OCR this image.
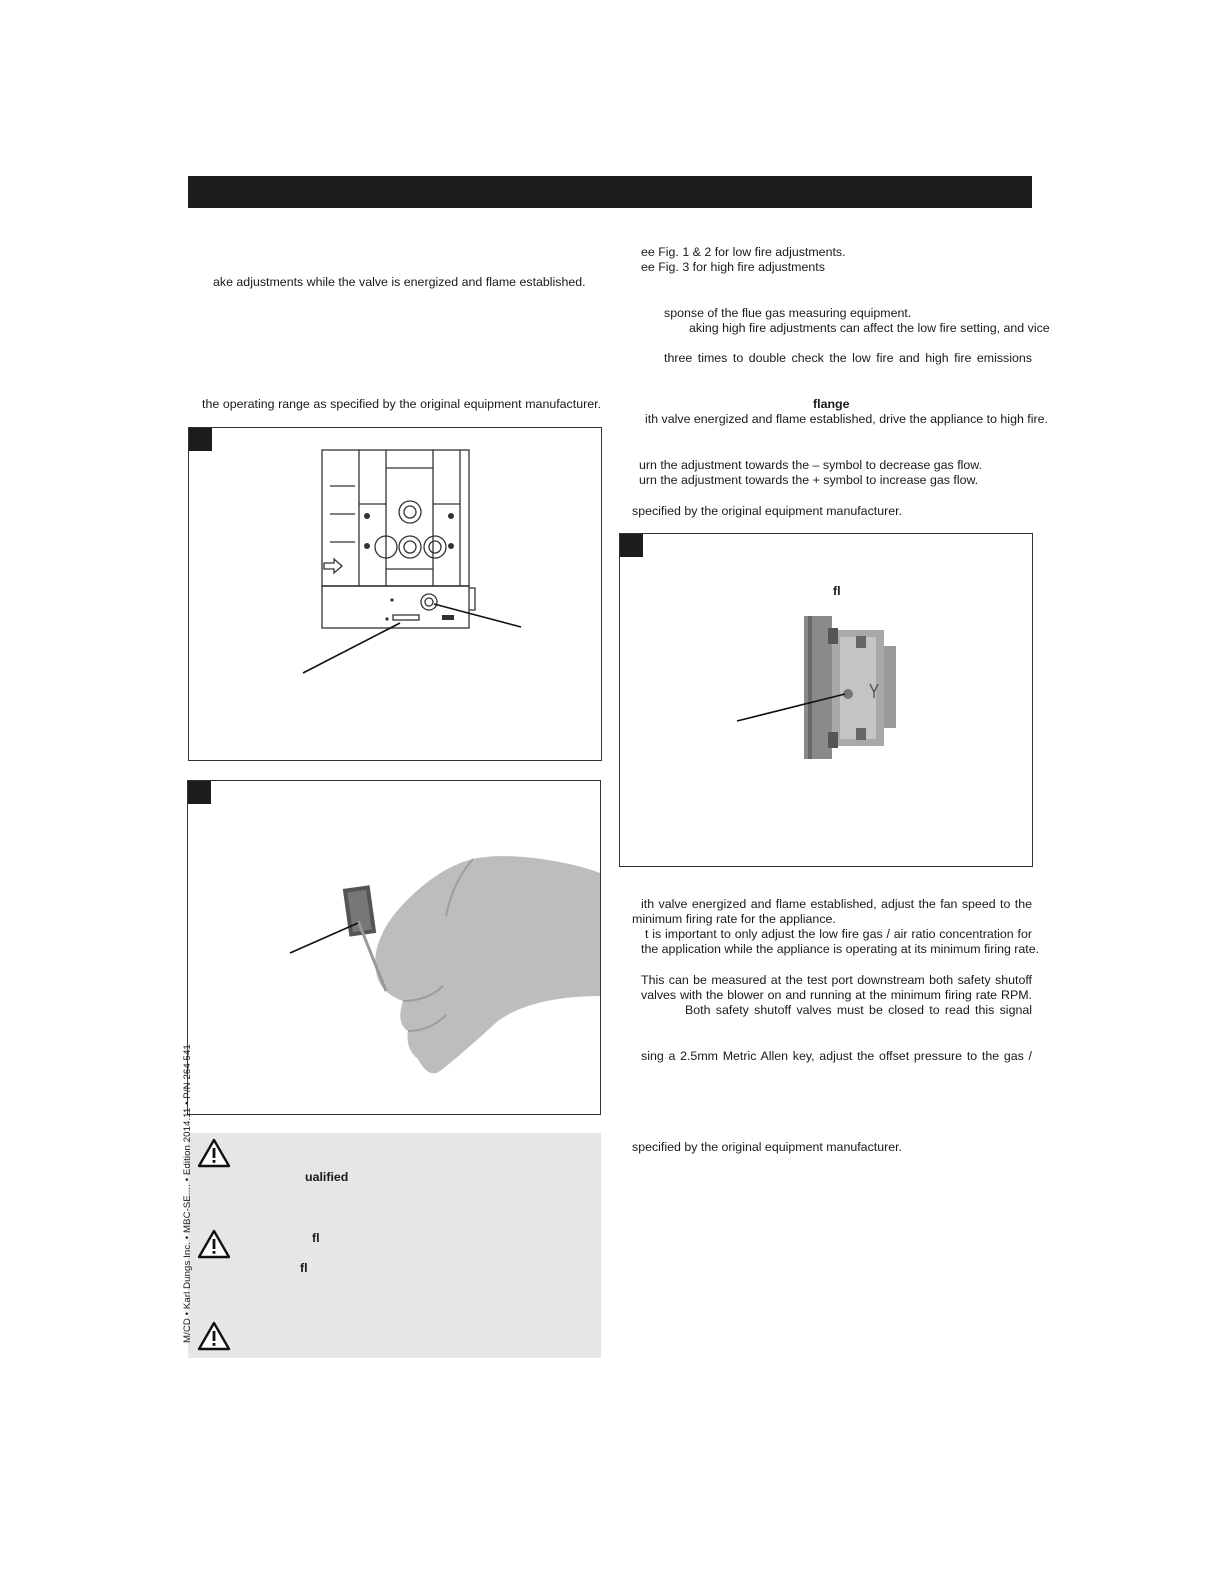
ake adjustments while the valve is energized and flame established.
the operating range as specified by the original equipment manufacturer.
ualified
fl
fl
M/CD • Karl Dungs Inc. • MBC-SE.... • Edition 2014.11 • P/N 264 541
ee Fig. 1 & 2 for low fire adjustments.
ee Fig. 3 for high fire adjustments
sponse of the flue gas measuring equipment.
aking high fire adjustments can affect the low fire setting, and vice
three times to double check the low fire and high fire emissions
flange
ith valve energized and flame established, drive the appliance to high fire.
urn the adjustment towards the – symbol to decrease gas flow.
urn the adjustment towards the + symbol to increase gas flow.
specified by the original equipment manufacturer.
fl
ith valve energized and flame established, adjust the fan speed to the
minimum firing rate for the appliance.
t is important to only adjust the low fire gas / air ratio concentration for
the application while the appliance is operating at its minimum firing rate.
This can be measured at the test port downstream both safety shutoff
valves with the blower on and running at the minimum firing rate RPM.
Both safety shutoff valves must be closed to read this signal
sing a 2.5mm Metric Allen key, adjust the offset pressure to the gas /
specified by the original equipment manufacturer.
